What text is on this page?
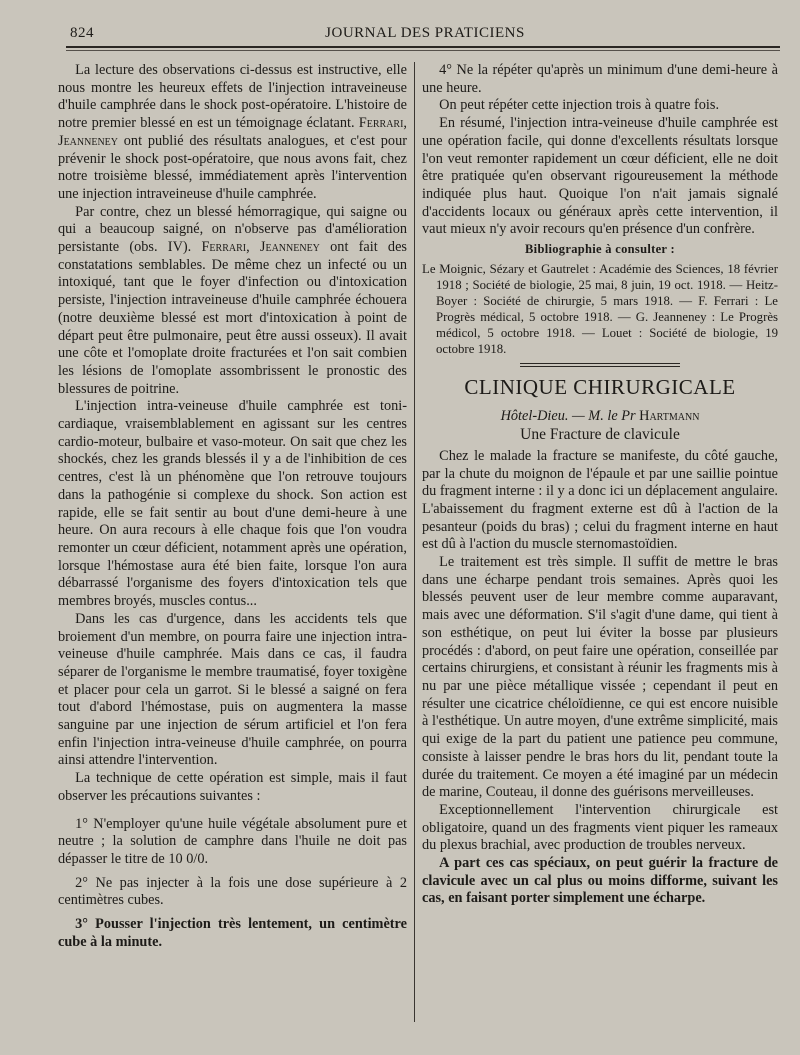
824	JOURNAL DES PRATICIENS

La lecture des observations ci-dessus est instructive, elle nous montre les heureux effets de l'injection intraveineuse d'huile camphrée dans le shock post-opératoire. L'histoire de notre premier blessé en est un témoignage éclatant. Ferrari, Jeanneney ont publié des résultats analogues, et c'est pour prévenir le shock post-opératoire, que nous avons fait, chez notre troisième blessé, immédiatement après l'intervention une injection intraveineuse d'huile camphrée.

Par contre, chez un blessé hémorragique, qui saigne ou qui a beaucoup saigné, on n'observe pas d'amélioration persistante (obs. IV). Ferrari, Jeanneney ont fait des constatations semblables. De même chez un infecté ou un intoxiqué, tant que le foyer d'infection ou d'intoxication persiste, l'injection intraveineuse d'huile camphrée échouera (notre deuxième blessé est mort d'intoxication à point de départ peut être pulmonaire, peut être aussi osseux). Il avait une côte et l'omoplate droite fracturées et l'on sait combien les lésions de l'omoplate assombrissent le pronostic des blessures de poitrine.

L'injection intra-veineuse d'huile camphrée est toni-cardiaque, vraisemblablement en agissant sur les centres cardio-moteur, bulbaire et vaso-moteur. On sait que chez les shockés, chez les grands blessés il y a de l'inhibition de ces centres, c'est là un phénomène que l'on retrouve toujours dans la pathogénie si complexe du shock. Son action est rapide, elle se fait sentir au bout d'une demi-heure à une heure. On aura recours à elle chaque fois que l'on voudra remonter un cœur déficient, notamment après une opération, lorsque l'hémostase aura été bien faite, lorsque l'on aura débarrassé l'organisme des foyers d'intoxication tels que membres broyés, muscles contus...

Dans les cas d'urgence, dans les accidents tels que broiement d'un membre, on pourra faire une injection intra-veineuse d'huile camphrée. Mais dans ce cas, il faudra séparer de l'organisme le membre traumatisé, foyer toxigène et placer pour cela un garrot. Si le blessé a saigné on fera tout d'abord l'hémostase, puis on augmentera la masse sanguine par une injection de sérum artificiel et l'on fera enfin l'injection intra-veineuse d'huile camphrée, on pourra ainsi attendre l'intervention.

La technique de cette opération est simple, mais il faut observer les précautions suivantes :

1° N'employer qu'une huile végétale absolument pure et neutre ; la solution de camphre dans l'huile ne doit pas dépasser le titre de 10 0/0.

2° Ne pas injecter à la fois une dose supérieure à 2 centimètres cubes.

3° Pousser l'injection très lentement, un centimètre cube à la minute.

4° Ne la répéter qu'après un minimum d'une demi-heure à une heure.

On peut répéter cette injection trois à quatre fois.

En résumé, l'injection intra-veineuse d'huile camphrée est une opération facile, qui donne d'excellents résultats lorsque l'on veut remonter rapidement un cœur déficient, elle ne doit être pratiquée qu'en observant rigoureusement la méthode indiquée plus haut. Quoique l'on n'ait jamais signalé d'accidents locaux ou généraux après cette intervention, il vaut mieux n'y avoir recours qu'en présence d'un confrère.

Bibliographie à consulter :
Le Moignic, Sézary et Gautrelet : Académie des Sciences, 18 février 1918 ; Société de biologie, 25 mai, 8 juin, 19 oct. 1918. — Heitz-Boyer : Société de chirurgie, 5 mars 1918. — F. Ferrari : Le Progrès médical, 5 octobre 1918. — G. Jeanneney : Le Progrès médicol, 5 octobre 1918. — Louet : Société de biologie, 19 octobre 1918.
CLINIQUE CHIRURGICALE
Hôtel-Dieu. — M. le Pr Hartmann
Une Fracture de clavicule

Chez le malade la fracture se manifeste, du côté gauche, par la chute du moignon de l'épaule et par une saillie pointue du fragment interne : il y a donc ici un déplacement angulaire. L'abaissement du fragment externe est dû à l'action de la pesanteur (poids du bras) ; celui du fragment interne en haut est dû à l'action du muscle sternomastoïdien.

Le traitement est très simple. Il suffit de mettre le bras dans une écharpe pendant trois semaines. Après quoi les blessés peuvent user de leur membre comme auparavant, mais avec une déformation. S'il s'agit d'une dame, qui tient à son esthétique, on peut lui éviter la bosse par plusieurs procédés : d'abord, on peut faire une opération, conseillée par certains chirurgiens, et consistant à réunir les fragments mis à nu par une pièce métallique vissée ; cependant il peut en résulter une cicatrice chéloïdienne, ce qui est encore nuisible à l'esthétique. Un autre moyen, d'une extrême simplicité, mais qui exige de la part du patient une patience peu commune, consiste à laisser pendre le bras hors du lit, pendant toute la durée du traitement. Ce moyen a été imaginé par un médecin de marine, Couteau, il donne des guérisons merveilleuses.

Exceptionnellement l'intervention chirurgicale est obligatoire, quand un des fragments vient piquer les rameaux du plexus brachial, avec production de troubles nerveux.

A part ces cas spéciaux, on peut guérir la fracture de clavicule avec un cal plus ou moins difforme, suivant les cas, en faisant porter simplement une écharpe.
